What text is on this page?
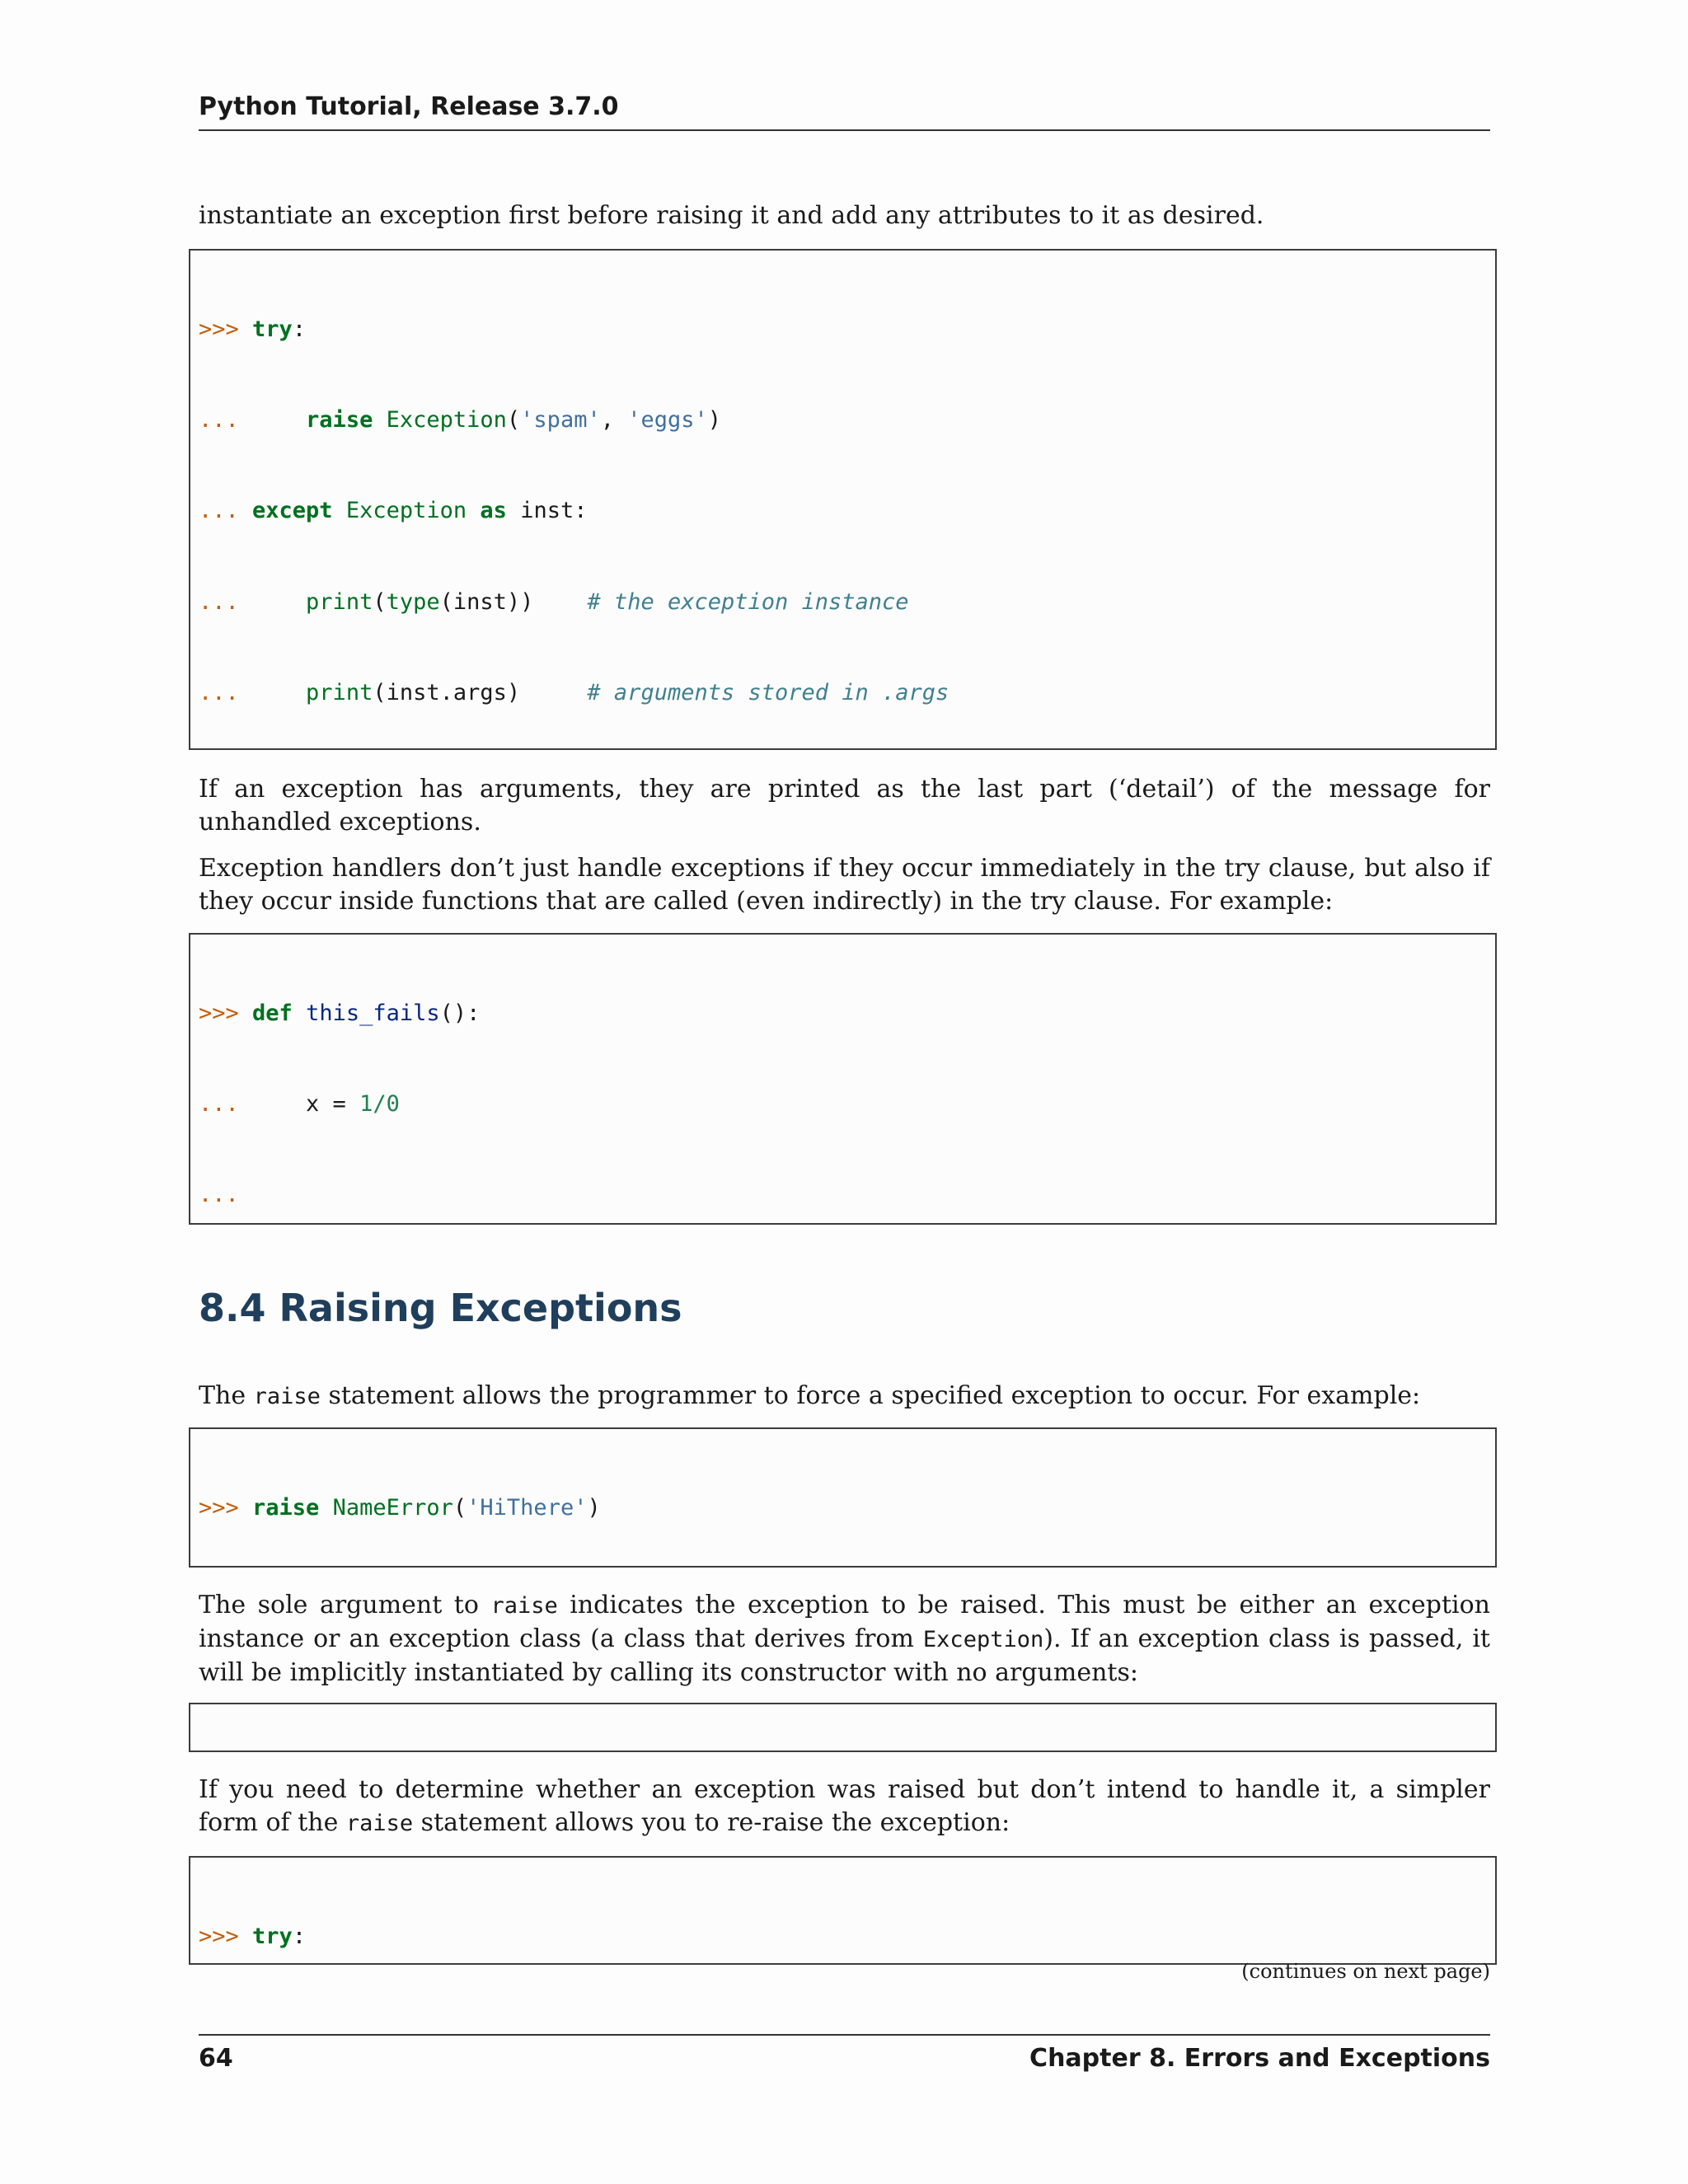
Python Tutorial, Release 3.7.0

instantiate an exception first before raising it and add any attributes to it as desired.

>>> try:

...     raise Exception('spam', 'eggs')

... except Exception as inst:

...     print(type(inst))    # the exception instance

...     print(inst.args)     # arguments stored in .args

If an exception has arguments, they are printed as the last part (‘detail’) of the message for unhandled exceptions.

Exception handlers don’t just handle exceptions if they occur immediately in the try clause, but also if they occur inside functions that are called (even indirectly) in the try clause. For example:

>>> def this_fails():

...     x = 1/0

...

8.4 Raising Exceptions

The raise statement allows the programmer to force a specified exception to occur. For example:

>>> raise NameError('HiThere')

The sole argument to raise indicates the exception to be raised. This must be either an exception instance or an exception class (a class that derives from Exception). If an exception class is passed, it will be implicitly instantiated by calling its constructor with no arguments:

If you need to determine whether an exception was raised but don’t intend to handle it, a simpler form of the raise statement allows you to re-raise the exception:

>>> try:

(continues on next page)
64	Chapter 8. Errors and Exceptions
